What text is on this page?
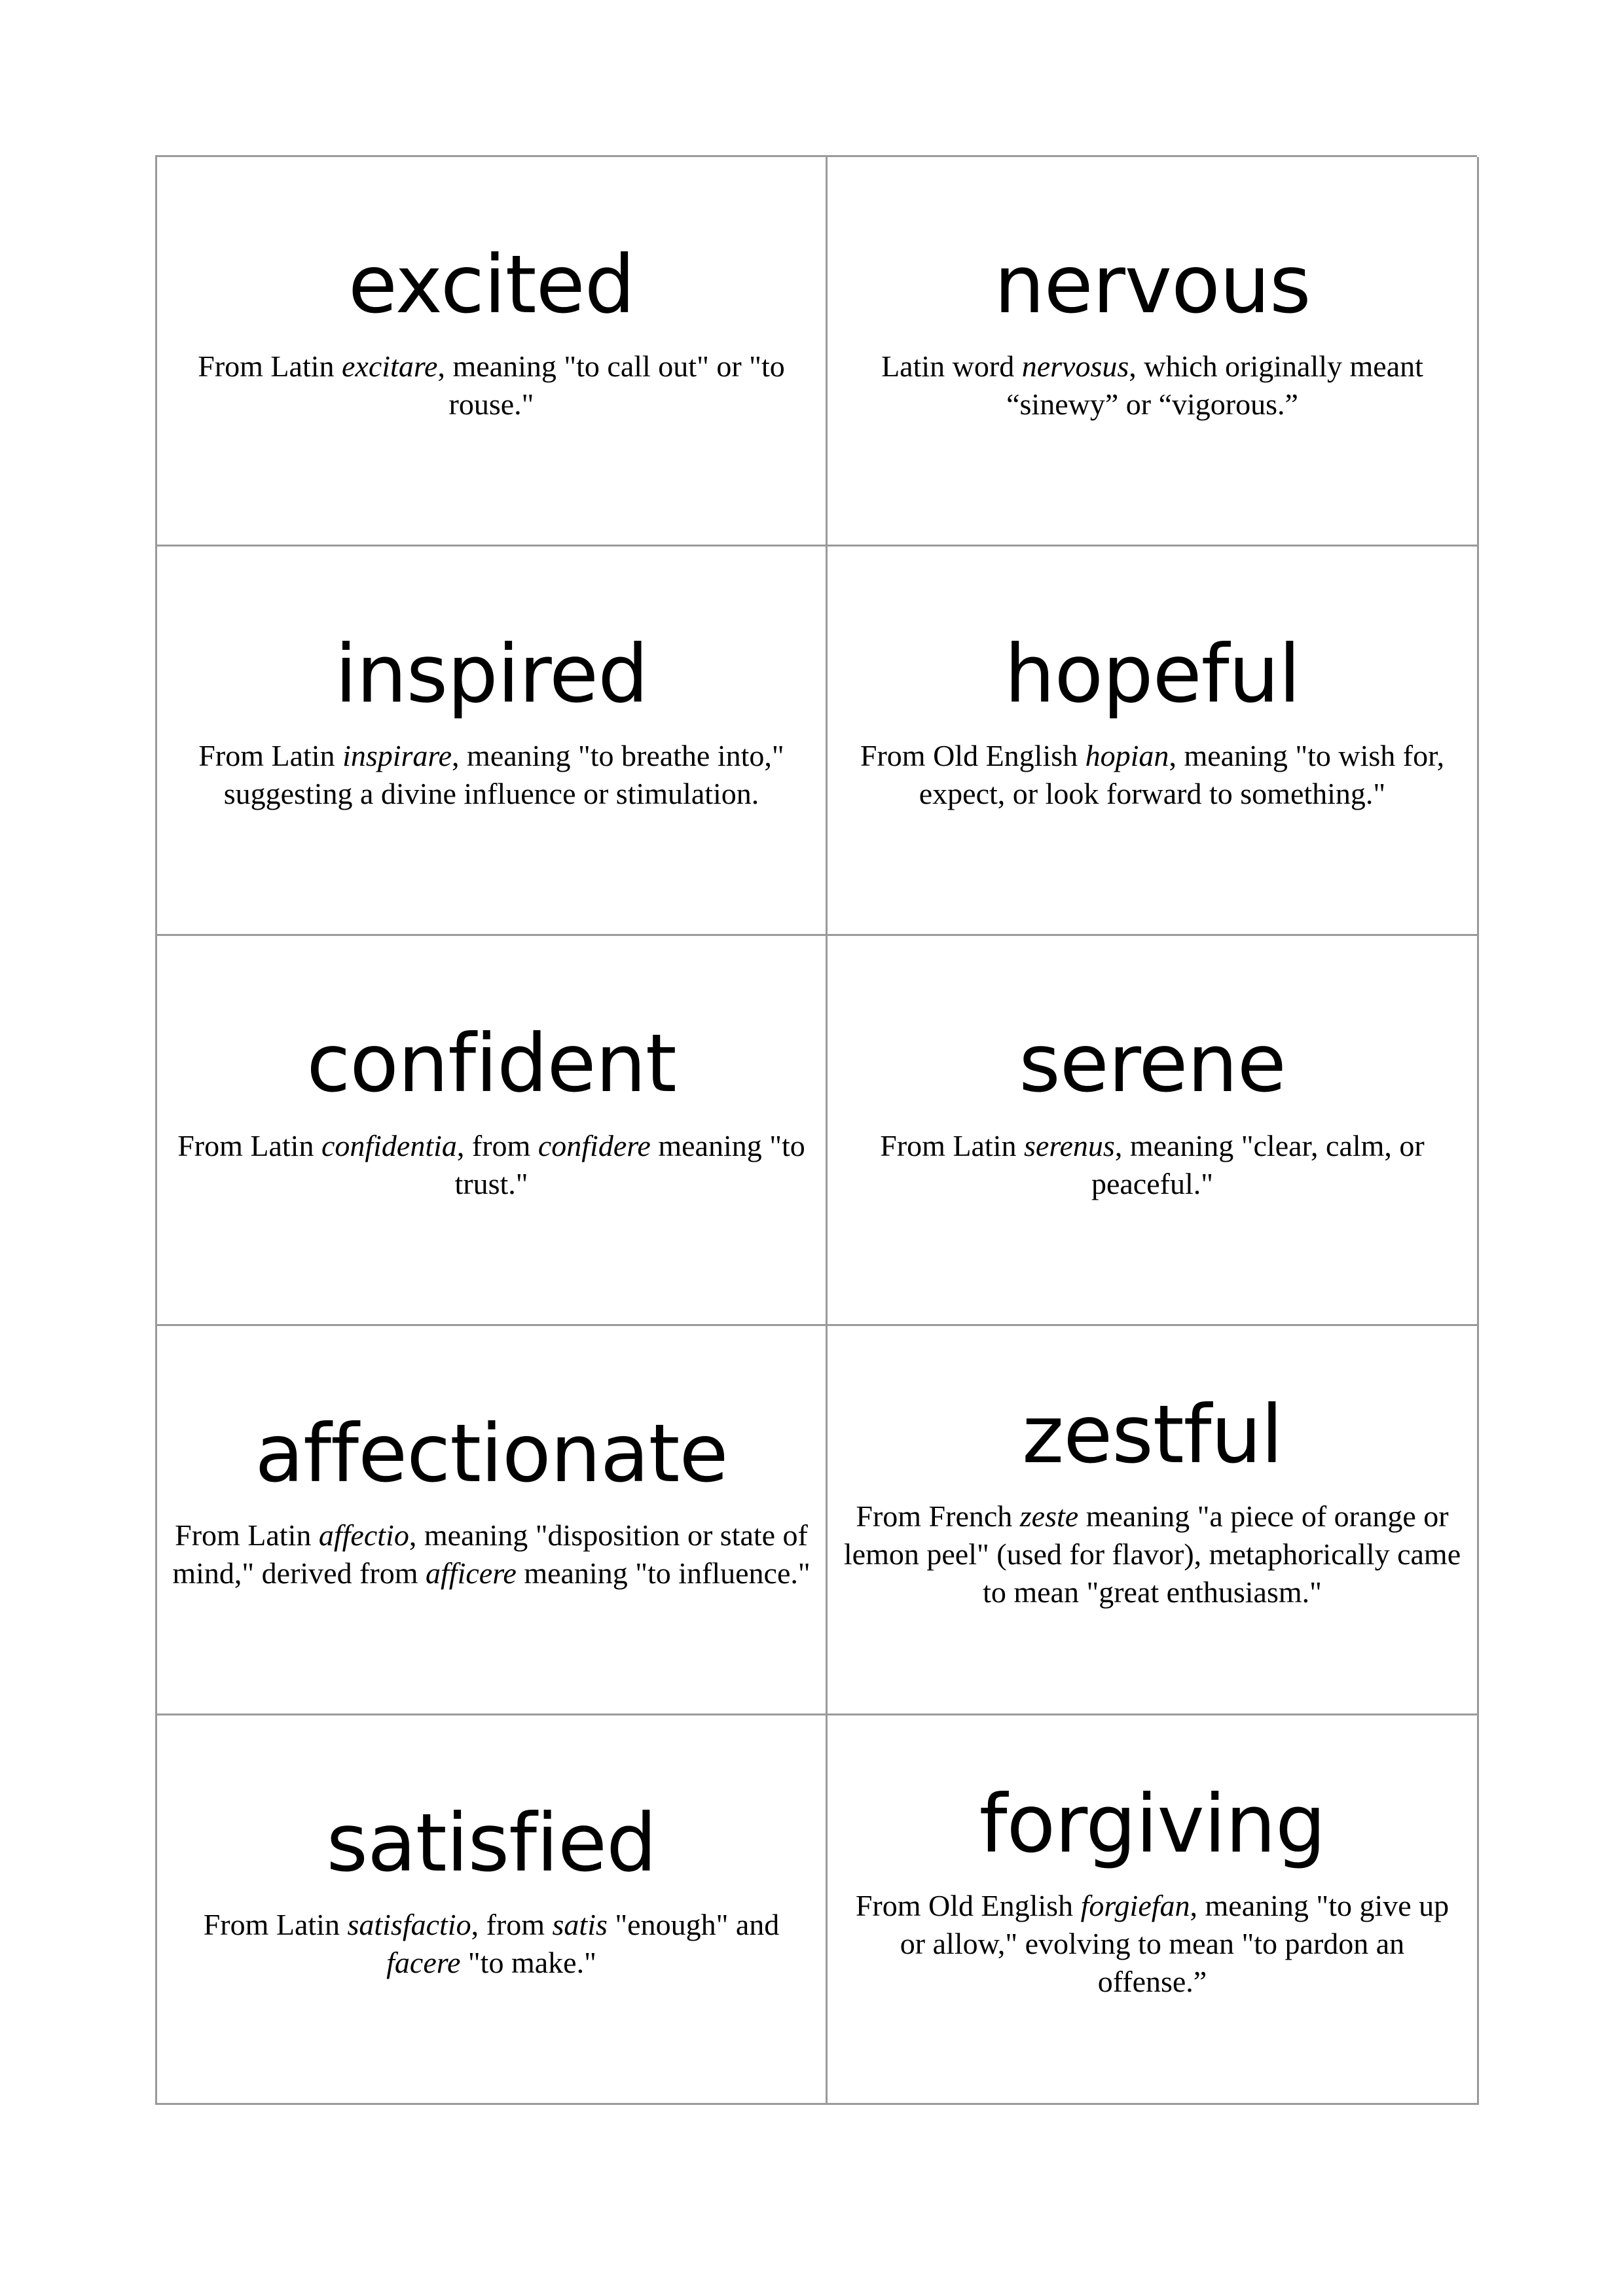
excited

From Latin excitare, meaning "to call out" or "to rouse."

nervous

Latin word nervosus, which originally meant “sinewy” or “vigorous.”

inspired

From Latin inspirare, meaning "to breathe into," suggesting a divine influence or stimulation.

hopeful

From Old English hopian, meaning "to wish for, expect, or look forward to something."

confident

From Latin confidentia, from confidere meaning "to trust."

serene

From Latin serenus, meaning "clear, calm, or peaceful."

affectionate

From Latin affectio, meaning "disposition or state of mind," derived from afficere meaning "to influence."

zestful

From French zeste meaning "a piece of orange or lemon peel" (used for flavor), metaphorically came to mean "great enthusiasm."

satisfied

From Latin satisfactio, from satis "enough" and facere "to make."

forgiving

From Old English forgiefan, meaning "to give up or allow," evolving to mean "to pardon an offense.”
